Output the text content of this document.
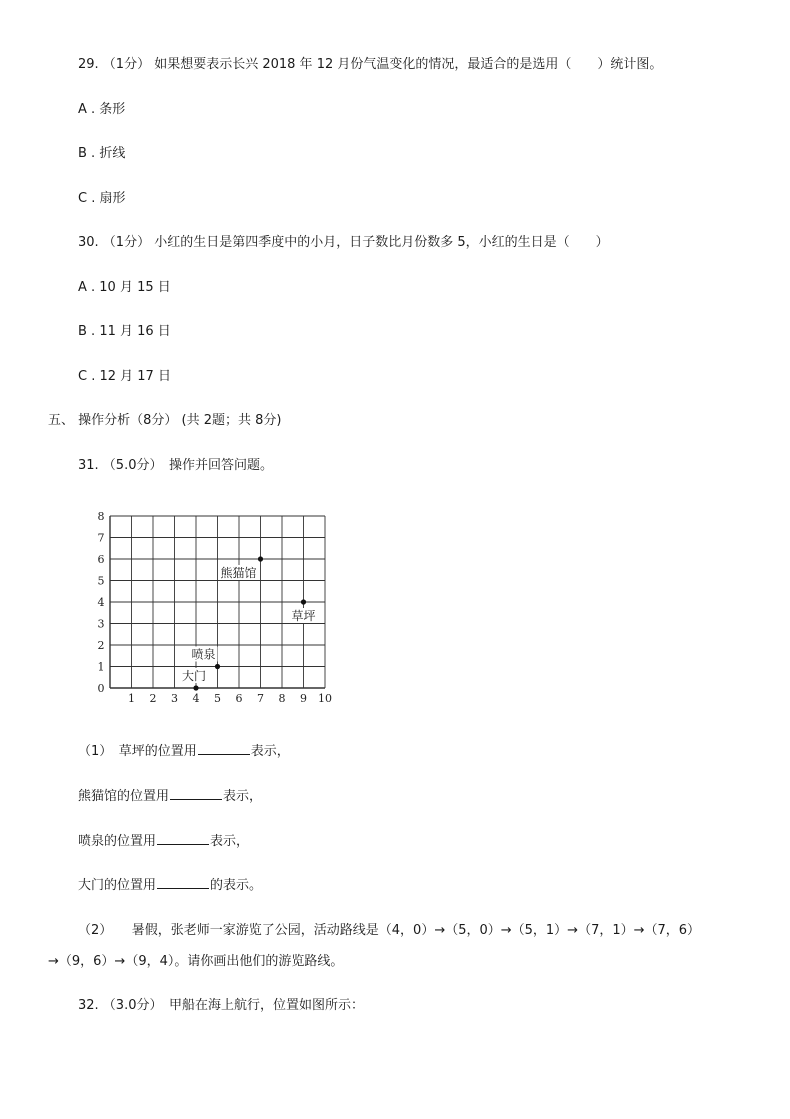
29. （1分） 如果想要表示长兴 2018 年 12 月份气温变化的情况，最适合的是选用（　　）统计图。
A . 条形
B . 折线
C . 扇形
30. （1分） 小红的生日是第四季度中的小月，日子数比月份数多 5，小红的生日是（　　）
A . 10 月 15 日
B . 11 月 16 日
C . 12 月 17 日
五、 操作分析（8分） (共 2题；共 8分)
31. （5.0分）　操作并回答问题。
1 2 3 4 5 6 7 8 9 10
0
1
2
3
4
5
6
7
8
熊猫馆
草坪
喷泉
大门
（1）　草坪的位置用	表示，
熊猫馆的位置用	表示，
喷泉的位置用	表示，
大门的位置用	的表示。
（2）　　暑假，张老师一家游览了公园，活动路线是（4，0）→（5，0）→（5，1）→（7，1）→（7，6）
→（9，6）→（9，4）。请你画出他们的游览路线。
32. （3.0分）　甲船在海上航行，位置如图所示：
